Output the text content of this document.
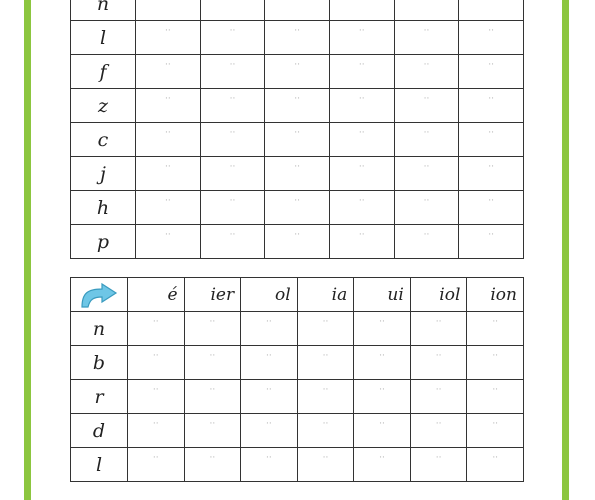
n	··	··	··	··	··	··
l	··	··	··	··	··	··
f	··	··	··	··	··	··
z	··	··	··	··	··	··
c	··	··	··	··	··	··
j	··	··	··	··	··	··
h	··	··	··	··	··	··
p	··	··	··	··	··	··
	é	ier	ol	ia	ui	iol	ion
n	··	··	··	··	··	··	··
b	··	··	··	··	··	··	··
r	··	··	··	··	··	··	··
d	··	··	··	··	··	··	··
l	··	··	··	··	··	··	··
